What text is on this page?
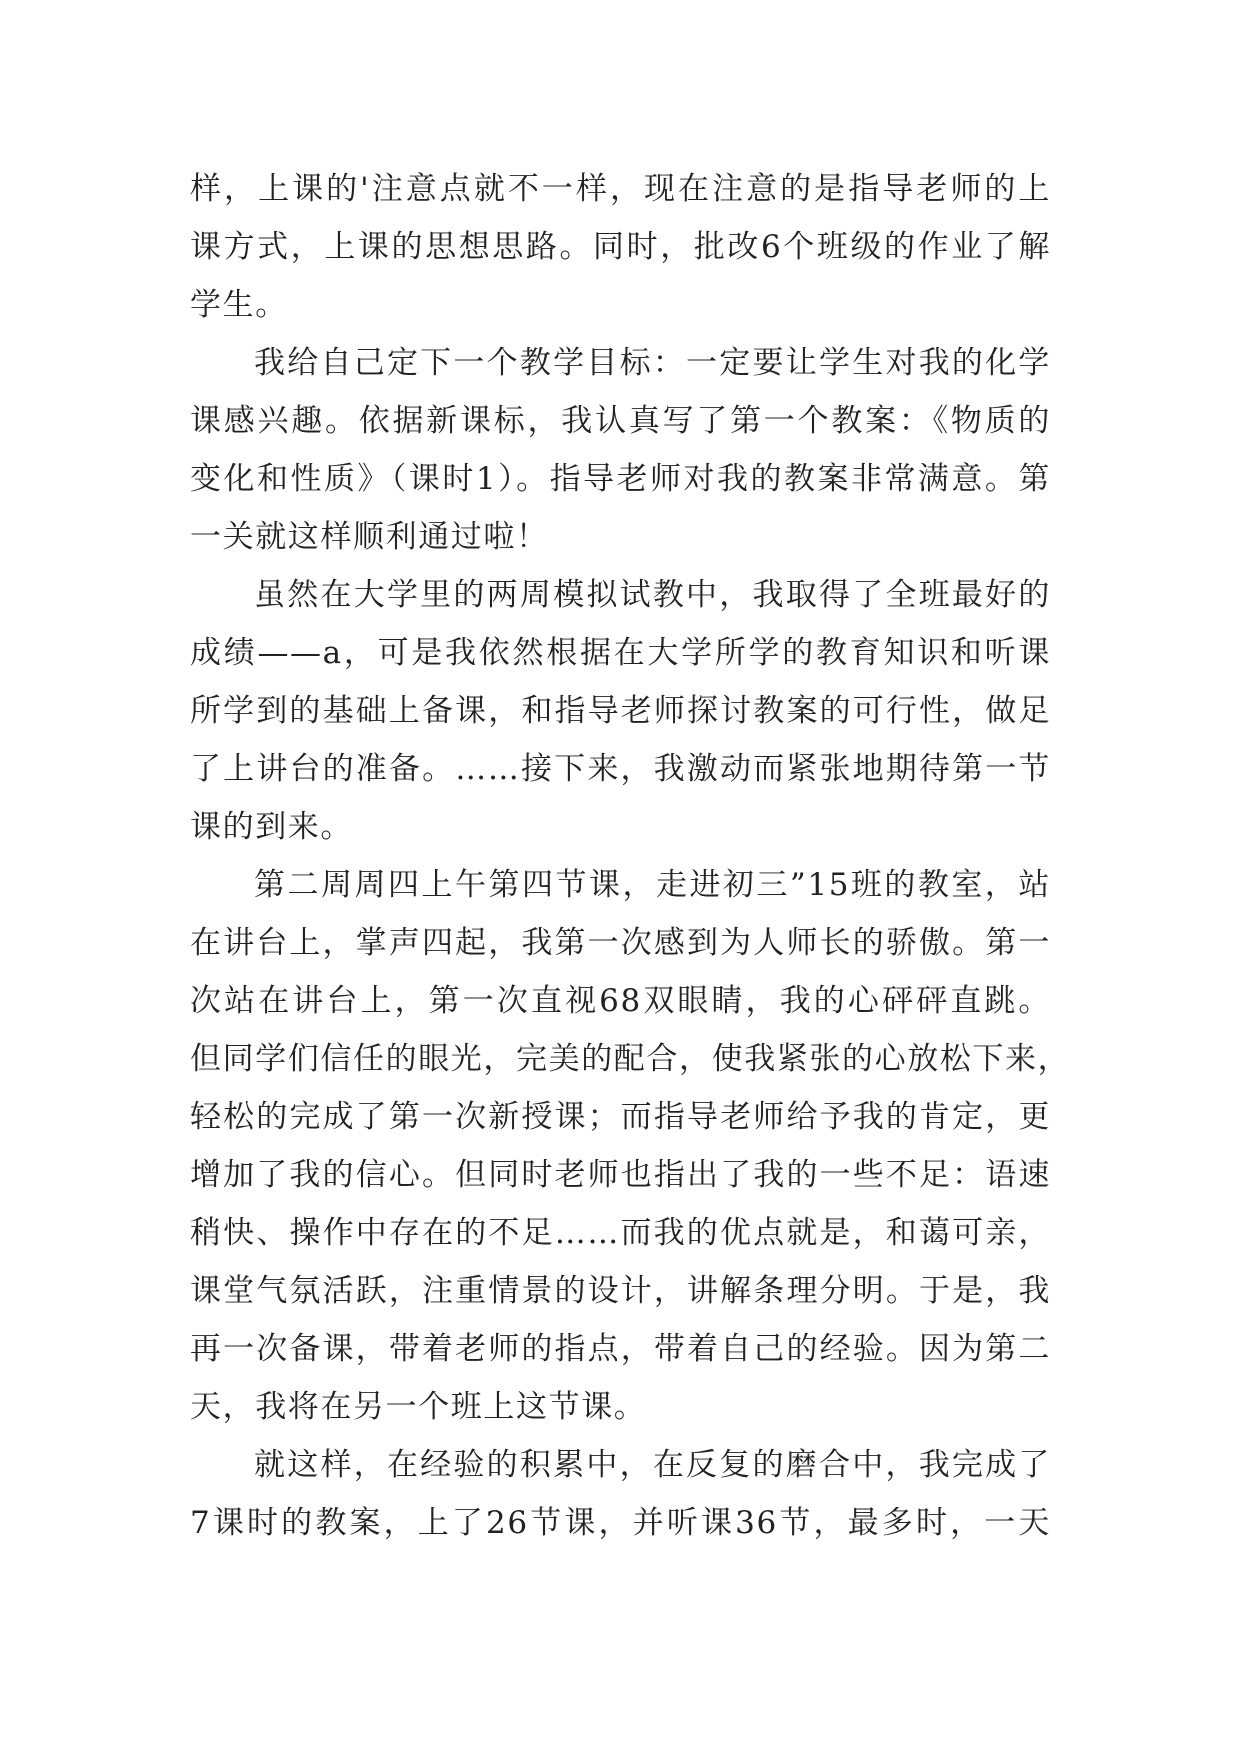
样，上课的'注意点就不一样，现在注意的是指导老师的上
课方式，上课的思想思路。同时，批改6个班级的作业了解
学生。
我给自己定下一个教学目标：一定要让学生对我的化学
课感兴趣。依据新课标，我认真写了第一个教案：《物质的
变化和性质》（课时1）。指导老师对我的教案非常满意。第
一关就这样顺利通过啦！
虽然在大学里的两周模拟试教中，我取得了全班最好的
成绩——a，可是我依然根据在大学所学的教育知识和听课
所学到的基础上备课，和指导老师探讨教案的可行性，做足
了上讲台的准备。……接下来，我激动而紧张地期待第一节
课的到来。
第二周周四上午第四节课，走进初三”15班的教室，站
在讲台上，掌声四起，我第一次感到为人师长的骄傲。第一
次站在讲台上，第一次直视68双眼睛，我的心砰砰直跳。
但同学们信任的眼光，完美的配合，使我紧张的心放松下来，
轻松的完成了第一次新授课；而指导老师给予我的肯定，更
增加了我的信心。但同时老师也指出了我的一些不足：语速
稍快、操作中存在的不足……而我的优点就是，和蔼可亲，
课堂气氛活跃，注重情景的设计，讲解条理分明。于是，我
再一次备课，带着老师的指点，带着自己的经验。因为第二
天，我将在另一个班上这节课。
就这样，在经验的积累中，在反复的磨合中，我完成了
7课时的教案，上了26节课，并听课36节，最多时，一天
